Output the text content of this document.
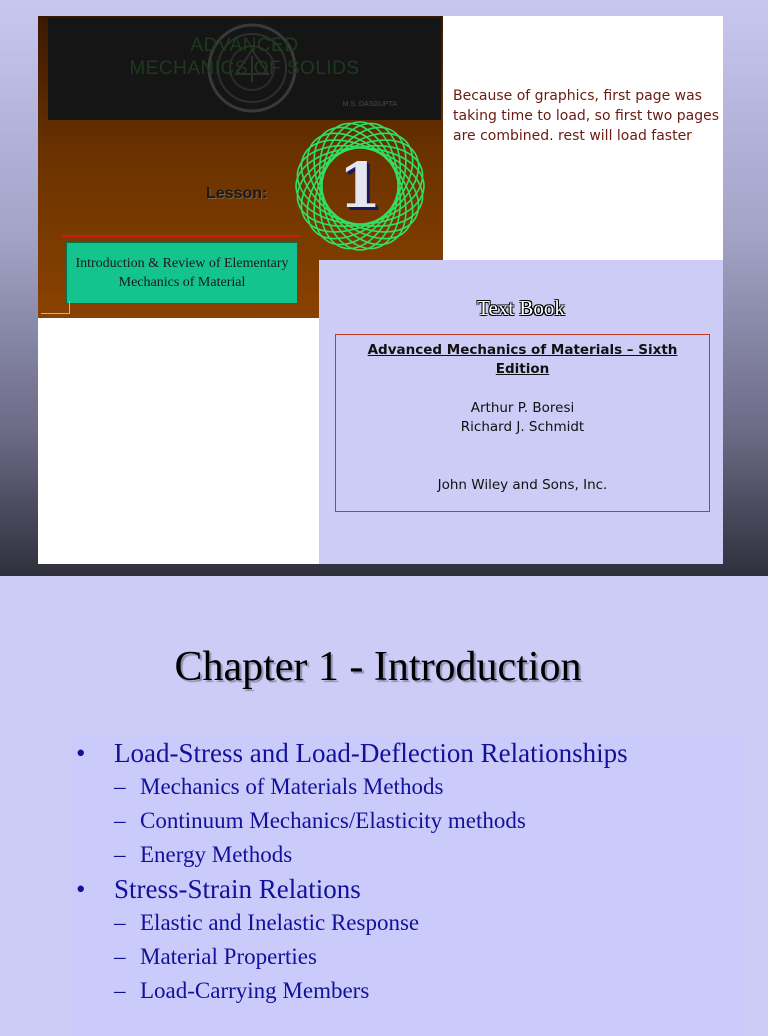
ADVANCED
MECHANICS OF SOLIDS
M.S. DASGUPTA
Lesson:	1
Introduction & Review of Elementary Mechanics of Material
Because of graphics, first page was taking time to load, so first two pages are combined. rest will load faster
Text Book
Advanced Mechanics of Materials – Sixth Edition
Arthur P. Boresi
Richard J. Schmidt
John Wiley and Sons, Inc.
Chapter 1 - Introduction
• Load-Stress and Load-Deflection Relationships
– Mechanics of Materials Methods
– Continuum Mechanics/Elasticity methods
– Energy Methods
• Stress-Strain Relations
– Elastic and Inelastic Response
– Material Properties
– Load-Carrying Members
